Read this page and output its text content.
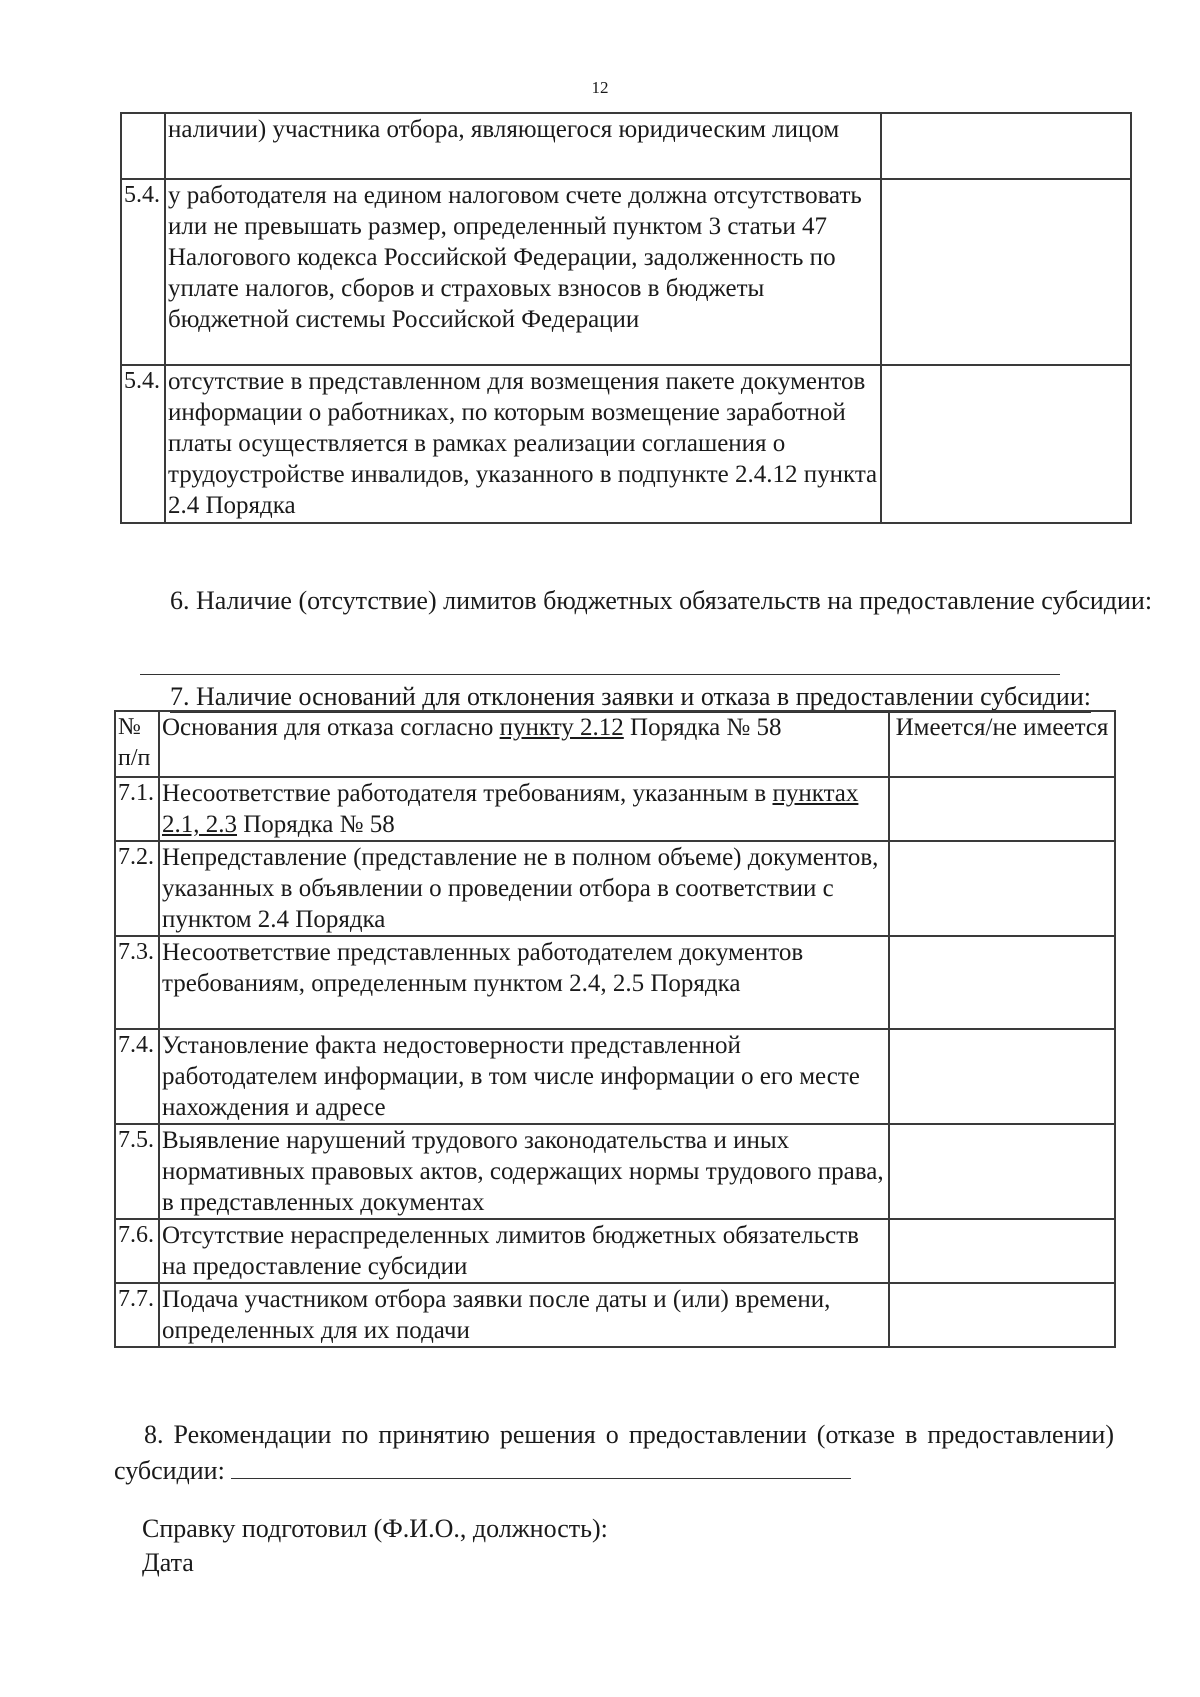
12
	наличии) участника отбора, являющегося юридическим лицом	
5.4.	у работодателя на едином налоговом счете должна отсутствовать или не превышать размер, определенный пунктом 3 статьи 47 Налогового кодекса Российской Федерации, задолженность по уплате налогов, сборов и страховых взносов в бюджеты бюджетной системы Российской Федерации	
5.4.	отсутствие в представленном для возмещения пакете документов информации о работниках, по которым возмещение заработной платы осуществляется в рамках реализации соглашения о трудоустройстве инвалидов, указанного в подпункте 2.4.12 пункта 2.4 Порядка	
6. Наличие (отсутствие) лимитов бюджетных обязательств на предоставление субсидии:
7. Наличие оснований для отклонения заявки и отказа в предоставлении субсидии:
№ п/п	Основания для отказа согласно пункту 2.12 Порядка № 58	Имеется/не имеется
7.1.	Несоответствие работодателя требованиям, указанным в пунктах 2.1, 2.3 Порядка № 58	
7.2.	Непредставление (представление не в полном объеме) документов, указанных в объявлении о проведении отбора в соответствии с пунктом 2.4 Порядка	
7.3.	Несоответствие представленных работодателем документов требованиям, определенным пунктом 2.4, 2.5 Порядка	
7.4.	Установление факта недостоверности представленной работодателем информации, в том числе информации о его месте нахождения и адресе	
7.5.	Выявление нарушений трудового законодательства и иных нормативных правовых актов, содержащих нормы трудового права, в представленных документах	
7.6.	Отсутствие нераспределенных лимитов бюджетных обязательств на предоставление субсидии	
7.7.	Подача участником отбора заявки после даты и (или) времени, определенных для их подачи	
8. Рекомендации по принятию решения о предоставлении (отказе в предоставлении) субсидии:
Справку подготовил (Ф.И.О., должность):
Дата
